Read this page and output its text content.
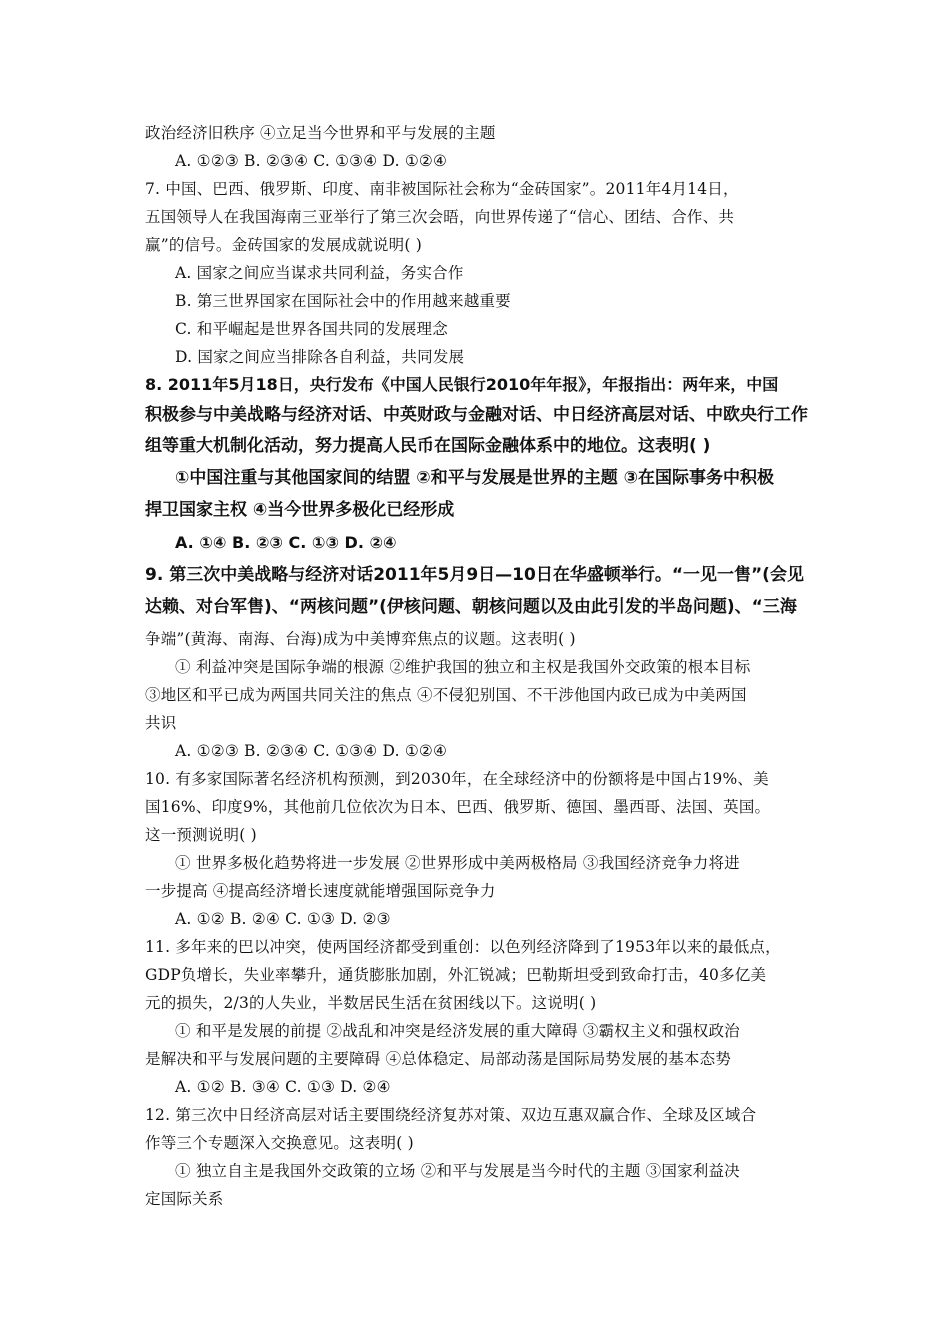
政治经济旧秩序 ④立足当今世界和平与发展的主题
A. ①②③ B. ②③④ C. ①③④ D. ①②④
7. 中国、巴西、俄罗斯、印度、南非被国际社会称为“金砖国家”。2011年4月14日，
五国领导人在我国海南三亚举行了第三次会晤，向世界传递了“信心、团结、合作、共
赢”的信号。金砖国家的发展成就说明( )
A. 国家之间应当谋求共同利益，务实合作
B. 第三世界国家在国际社会中的作用越来越重要
C. 和平崛起是世界各国共同的发展理念
D. 国家之间应当排除各自利益，共同发展
8. 2011年5月18日，央行发布《中国人民银行2010年年报》，年报指出：两年来，中国
积极参与中美战略与经济对话、中英财政与金融对话、中日经济高层对话、中欧央行工作
组等重大机制化活动，努力提高人民币在国际金融体系中的地位。这表明( )
①中国注重与其他国家间的结盟 ②和平与发展是世界的主题 ③在国际事务中积极
捍卫国家主权 ④当今世界多极化已经形成
A. ①④ B. ②③ C. ①③ D. ②④
9. 第三次中美战略与经济对话2011年5月9日—10日在华盛顿举行。“一见一售”(会见
达赖、对台军售)、“两核问题”(伊核问题、朝核问题以及由此引发的半岛问题)、“三海
争端”(黄海、南海、台海)成为中美博弈焦点的议题。这表明( )
① 利益冲突是国际争端的根源 ②维护我国的独立和主权是我国外交政策的根本目标
③地区和平已成为两国共同关注的焦点 ④不侵犯别国、不干涉他国内政已成为中美两国
共识
A. ①②③ B. ②③④ C. ①③④ D. ①②④
10. 有多家国际著名经济机构预测，到2030年，在全球经济中的份额将是中国占19%、美
国16%、印度9%，其他前几位依次为日本、巴西、俄罗斯、德国、墨西哥、法国、英国。
这一预测说明( )
① 世界多极化趋势将进一步发展 ②世界形成中美两极格局 ③我国经济竞争力将进
一步提高 ④提高经济增长速度就能增强国际竞争力
A. ①② B. ②④ C. ①③ D. ②③
11. 多年来的巴以冲突，使两国经济都受到重创：以色列经济降到了1953年以来的最低点，
GDP负增长，失业率攀升，通货膨胀加剧，外汇锐减；巴勒斯坦受到致命打击，40多亿美
元的损失，2/3的人失业，半数居民生活在贫困线以下。这说明( )
① 和平是发展的前提 ②战乱和冲突是经济发展的重大障碍 ③霸权主义和强权政治
是解决和平与发展问题的主要障碍 ④总体稳定、局部动荡是国际局势发展的基本态势
A. ①② B. ③④ C. ①③ D. ②④
12. 第三次中日经济高层对话主要围绕经济复苏对策、双边互惠双赢合作、全球及区域合
作等三个专题深入交换意见。这表明( )
① 独立自主是我国外交政策的立场 ②和平与发展是当今时代的主题 ③国家利益决
定国际关系
